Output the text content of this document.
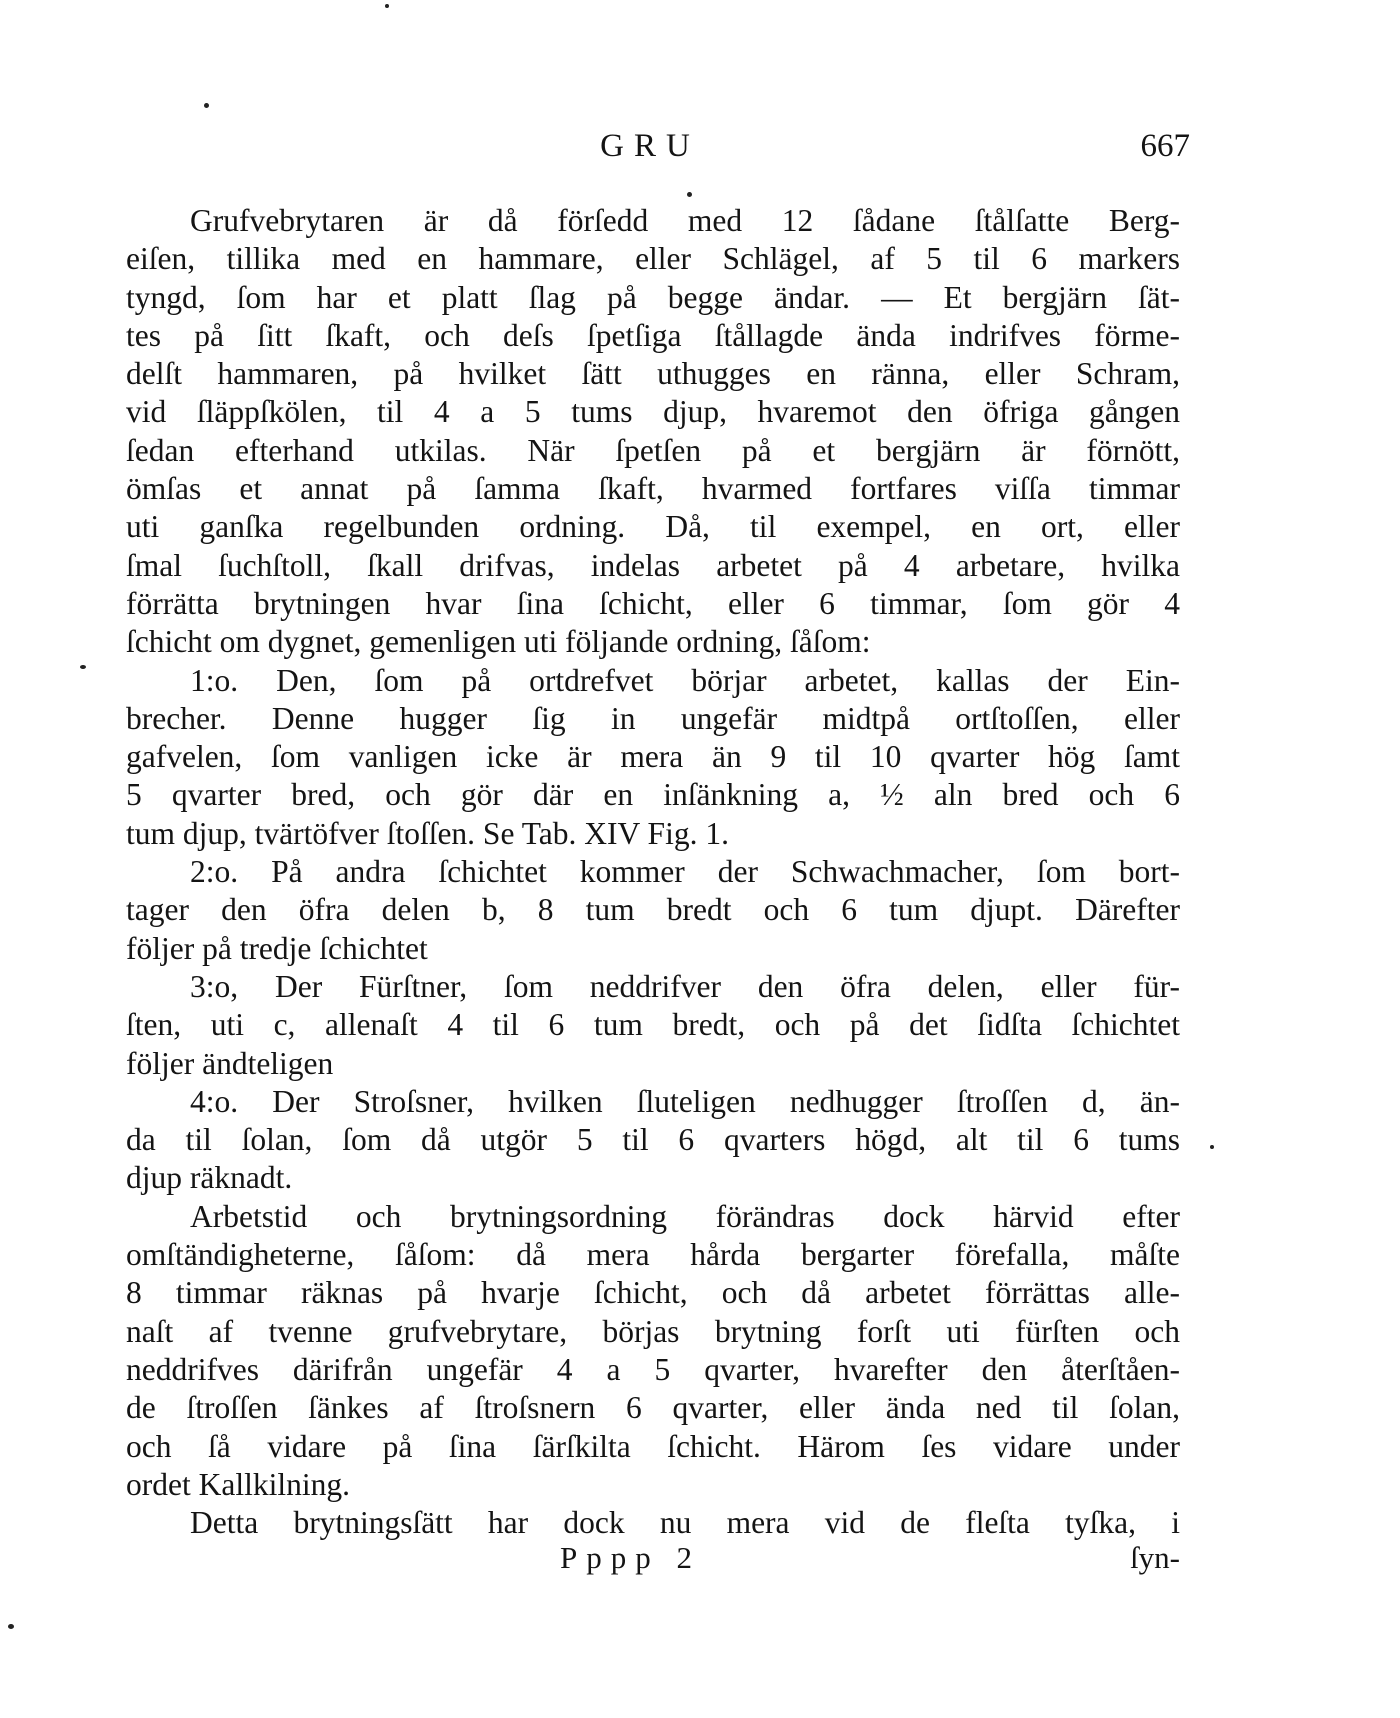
GRU	667
Grufvebrytaren är då förſedd med 12 ſådane ſtålſatte Berg-
eiſen, tillika med en hammare, eller Schlägel, af 5 til 6 markers
tyngd, ſom har et platt ſlag på begge ändar. — Et bergjärn ſät-
tes på ſitt ſkaft, och deſs ſpetſiga ſtållagde ända indrifves förme-
delſt hammaren, på hvilket ſätt uthugges en ränna, eller Schram,
vid ſläppſkölen, til 4 a 5 tums djup, hvaremot den öfriga gången
ſedan efterhand utkilas. När ſpetſen på et bergjärn är förnött,
ömſas et annat på ſamma ſkaft, hvarmed fortfares viſſa timmar
uti ganſka regelbunden ordning. Då, til exempel, en ort, eller
ſmal ſuchſtoll, ſkall drifvas, indelas arbetet på 4 arbetare, hvilka
förrätta brytningen hvar ſina ſchicht, eller 6 timmar, ſom gör 4
ſchicht om dygnet, gemenligen uti följande ordning, ſåſom:
1:o. Den, ſom på ortdrefvet börjar arbetet, kallas der Ein-
brecher. Denne hugger ſig in ungefär midtpå ortſtoſſen, eller
gafvelen, ſom vanligen icke är mera än 9 til 10 qvarter hög ſamt
5 qvarter bred, och gör där en inſänkning a, ½ aln bred och 6
tum djup, tvärtöfver ſtoſſen. Se Tab. XIV Fig. 1.
2:o. På andra ſchichtet kommer der Schwachmacher, ſom bort-
tager den öfra delen b, 8 tum bredt och 6 tum djupt. Därefter
följer på tredje ſchichtet
3:o, Der Fürſtner, ſom neddrifver den öfra delen, eller für-
ſten, uti c, allenaſt 4 til 6 tum bredt, och på det ſidſta ſchichtet
följer ändteligen
4:o. Der Stroſsner, hvilken ſluteligen nedhugger ſtroſſen d, än-
da til ſolan, ſom då utgör 5 til 6 qvarters högd, alt til 6 tums
djup räknadt.
Arbetstid och brytningsordning förändras dock härvid efter
omſtändigheterne, ſåſom: då mera hårda bergarter förefalla, måſte
8 timmar räknas på hvarje ſchicht, och då arbetet förrättas alle-
naſt af tvenne grufvebrytare, börjas brytning forſt uti fürſten och
neddrifves därifrån ungefär 4 a 5 qvarter, hvarefter den återſtåen-
de ſtroſſen ſänkes af ſtroſsnern 6 qvarter, eller ända ned til ſolan,
och ſå vidare på ſina ſärſkilta ſchicht. Härom ſes vidare under
ordet Kallkilning.
Detta brytningsſätt har dock nu mera vid de fleſta tyſka, i
Pppp 2	ſyn-
